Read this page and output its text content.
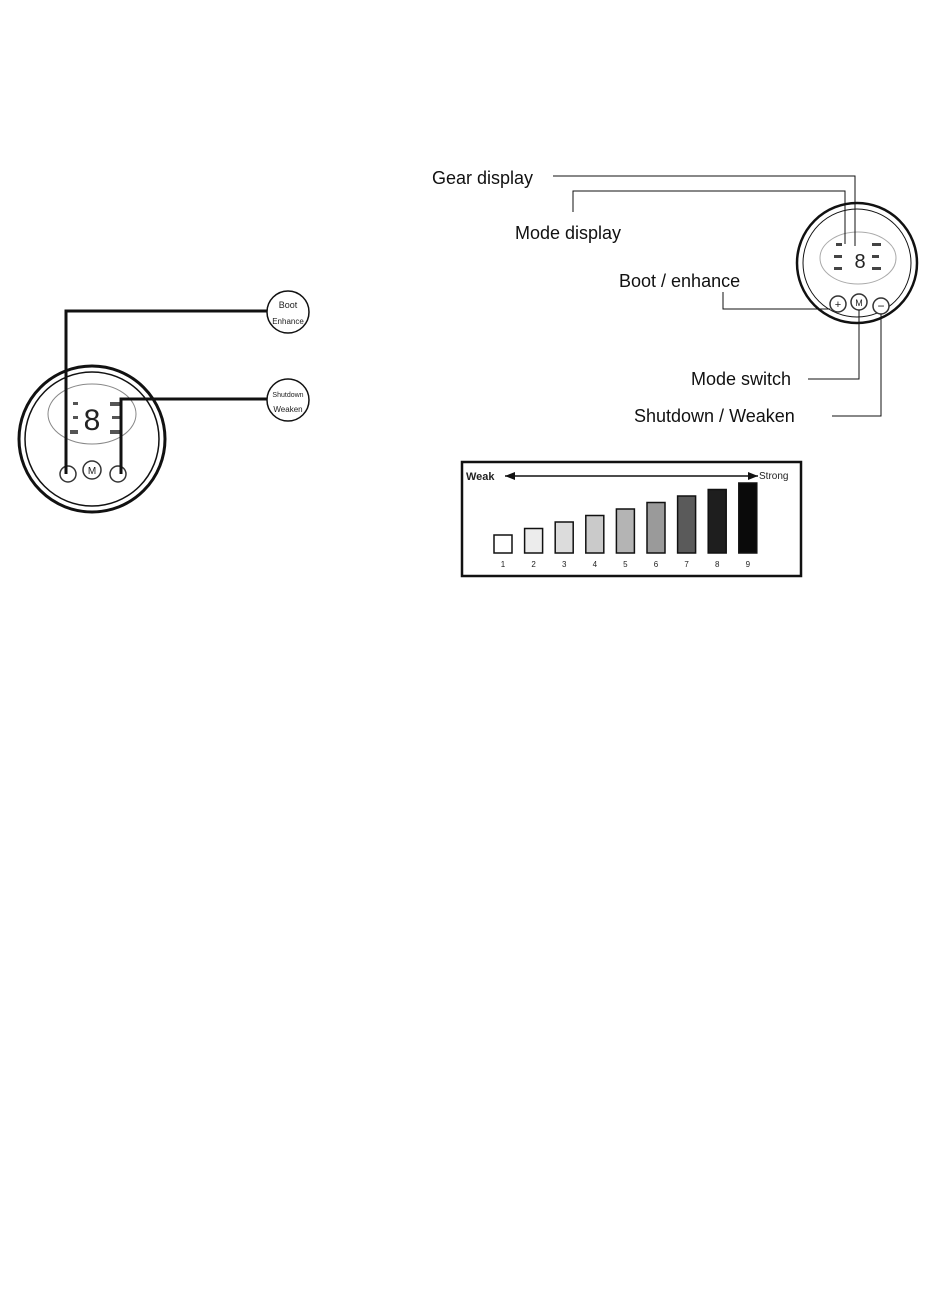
8
M
Boot
Enhance
Shutdown
Weaken
8
+ M −
Gear display
Mode display
Boot / enhance
Mode switch
Shutdown / Weaken
Weak	Strong
1	2	3	4	5	6	7	8	9
